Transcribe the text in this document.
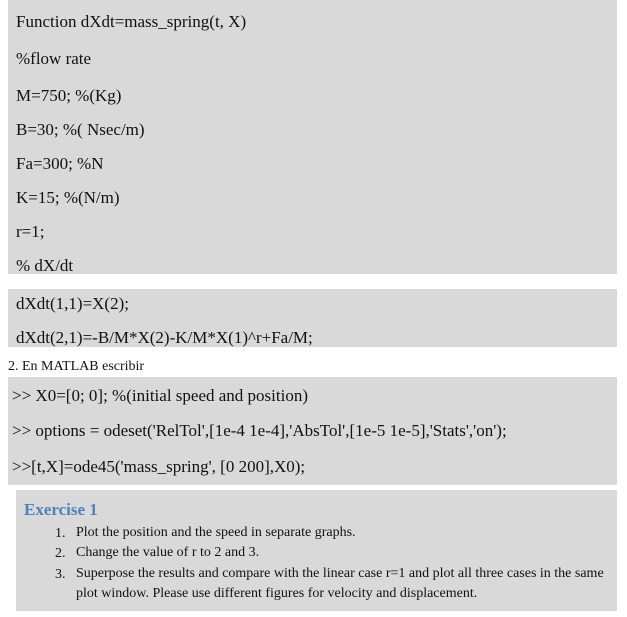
Function dXdt=mass_spring(t, X)
%flow rate
M=750; %(Kg)
B=30; %( Nsec/m)
Fa=300; %N
K=15; %(N/m)
r=1;
% dX/dt
dXdt(1,1)=X(2);
dXdt(2,1)=-B/M*X(2)-K/M*X(1)^r+Fa/M;
2. En MATLAB escribir
>> X0=[0; 0]; %(initial speed and position)
>> options = odeset('RelTol',[1e-4 1e-4],'AbsTol',[1e-5 1e-5],'Stats','on');
>>[t,X]=ode45('mass_spring', [0 200],X0);
Exercise 1
1. Plot the position and the speed in separate graphs.
2. Change the value of r to 2 and 3.
3. Superpose the results and compare with the linear case r=1 and plot all three cases in the same plot window. Please use different figures for velocity and displacement.
